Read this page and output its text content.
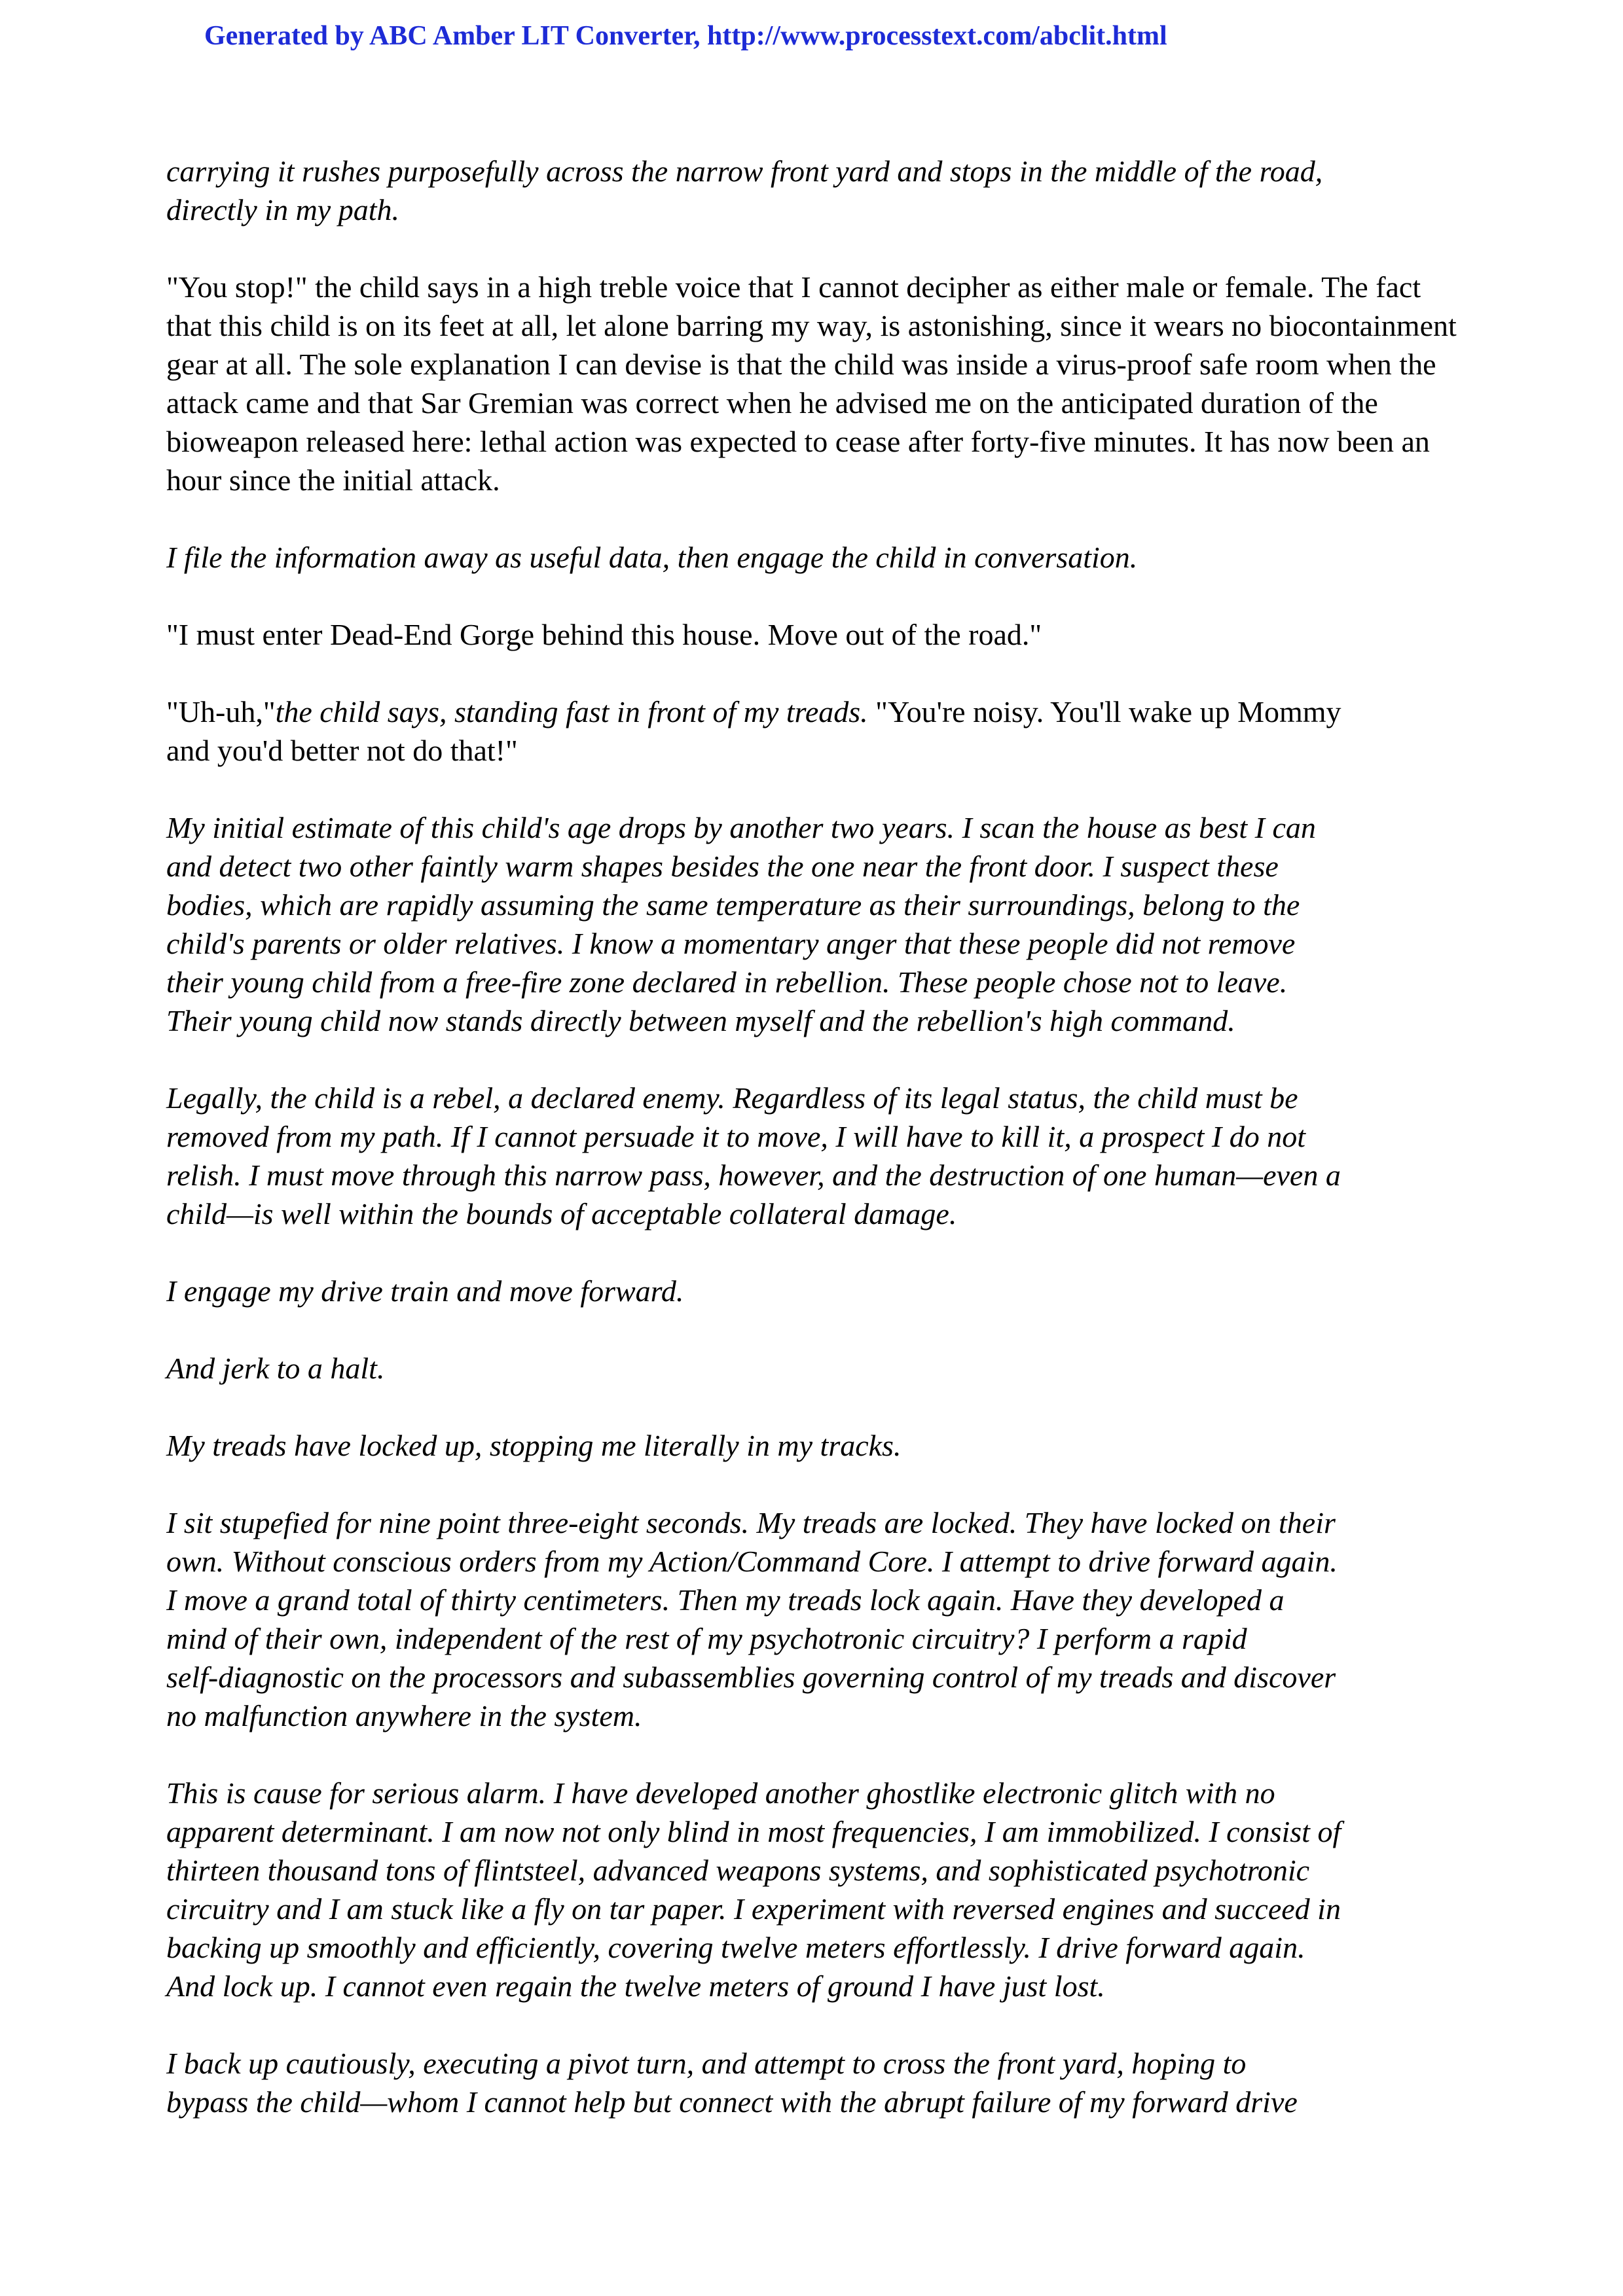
Generated by ABC Amber LIT Converter, http://www.processtext.com/abclit.html

carrying it rushes purposefully across the narrow front yard and stops in the middle of the road,
directly in my path.

"You stop!" the child says in a high treble voice that I cannot decipher as either male or female. The fact
that this child is on its feet at all, let alone barring my way, is astonishing, since it wears no biocontainment
gear at all. The sole explanation I can devise is that the child was inside a virus-proof safe room when the
attack came and that Sar Gremian was correct when he advised me on the anticipated duration of the
bioweapon released here: lethal action was expected to cease after forty-five minutes. It has now been an
hour since the initial attack.

I file the information away as useful data, then engage the child in conversation.

"I must enter Dead-End Gorge behind this house. Move out of the road."

"Uh-uh,"the child says, standing fast in front of my treads. "You're noisy. You'll wake up Mommy
and you'd better not do that!"

My initial estimate of this child's age drops by another two years. I scan the house as best I can
and detect two other faintly warm shapes besides the one near the front door. I suspect these
bodies, which are rapidly assuming the same temperature as their surroundings, belong to the
child's parents or older relatives. I know a momentary anger that these people did not remove
their young child from a free-fire zone declared in rebellion. These people chose not to leave.
Their young child now stands directly between myself and the rebellion's high command.

Legally, the child is a rebel, a declared enemy. Regardless of its legal status, the child must be
removed from my path. If I cannot persuade it to move, I will have to kill it, a prospect I do not
relish. I must move through this narrow pass, however, and the destruction of one human—even a
child—is well within the bounds of acceptable collateral damage.

I engage my drive train and move forward.

And jerk to a halt.

My treads have locked up, stopping me literally in my tracks.

I sit stupefied for nine point three-eight seconds. My treads are locked. They have locked on their
own. Without conscious orders from my Action/Command Core. I attempt to drive forward again.
I move a grand total of thirty centimeters. Then my treads lock again. Have they developed a
mind of their own, independent of the rest of my psychotronic circuitry? I perform a rapid
self-diagnostic on the processors and subassemblies governing control of my treads and discover
no malfunction anywhere in the system.

This is cause for serious alarm. I have developed another ghostlike electronic glitch with no
apparent determinant. I am now not only blind in most frequencies, I am immobilized. I consist of
thirteen thousand tons of flintsteel, advanced weapons systems, and sophisticated psychotronic
circuitry and I am stuck like a fly on tar paper. I experiment with reversed engines and succeed in
backing up smoothly and efficiently, covering twelve meters effortlessly. I drive forward again.
And lock up. I cannot even regain the twelve meters of ground I have just lost.

I back up cautiously, executing a pivot turn, and attempt to cross the front yard, hoping to
bypass the child—whom I cannot help but connect with the abrupt failure of my forward drive
